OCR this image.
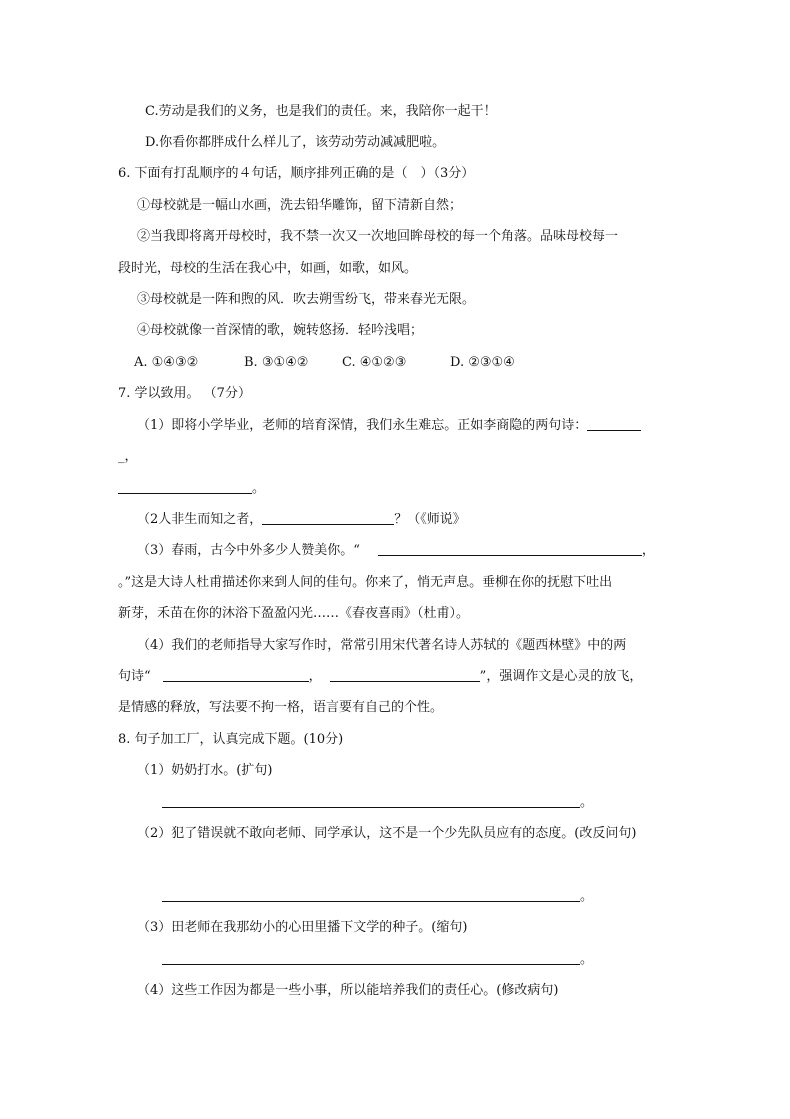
C.劳动是我们的义务，也是我们的责任。来，我陪你一起干！
D.你看你都胖成什么样儿了，该劳动劳动减减肥啦。
6. 下面有打乱顺序的４句话，顺序排列正确的是（　）（3分）
①母校就是一幅山水画，洗去铅华雕饰，留下清新自然；
②当我即将离开母校时，我不禁一次又一次地回眸母校的每一个角落。品味母校每一
段时光，母校的生活在我心中，如画，如歌，如风。
③母校就是一阵和煦的风．吹去朔雪纷飞，带来春光无限。
④母校就像一首深情的歌，婉转悠扬．轻吟浅唱；
A. ①④③②	B. ③①④②	C. ④①②③	D. ②③①④
7. 学以致用。 （7分）
（1）即将小学毕业，老师的培育深情，我们永生难忘。正如李商隐的两句诗：
_，
。
（2人非生而知之者，	？（《师说》
（3）春雨，古今中外多少人赞美你。“	，
。”这是大诗人杜甫描述你来到人间的佳句。你来了，悄无声息。垂柳在你的抚慰下吐出
新芽，禾苗在你的沐浴下盈盈闪光……《春夜喜雨》（杜甫）。
（4）我们的老师指导大家写作时，常常引用宋代著名诗人苏轼的《题西林壁》中的两
句诗“	，	”，强调作文是心灵的放飞，
是情感的释放，写法要不拘一格，语言要有自己的个性。
8. 句子加工厂，认真完成下题。(10分)
（1）奶奶打水。(扩句)
。
（2）犯了错误就不敢向老师、同学承认，这不是一个少先队员应有的态度。(改反问句)
。
（3）田老师在我那幼小的心田里播下文学的种子。(缩句)
。
（4）这些工作因为都是一些小事，所以能培养我们的责任心。(修改病句)
